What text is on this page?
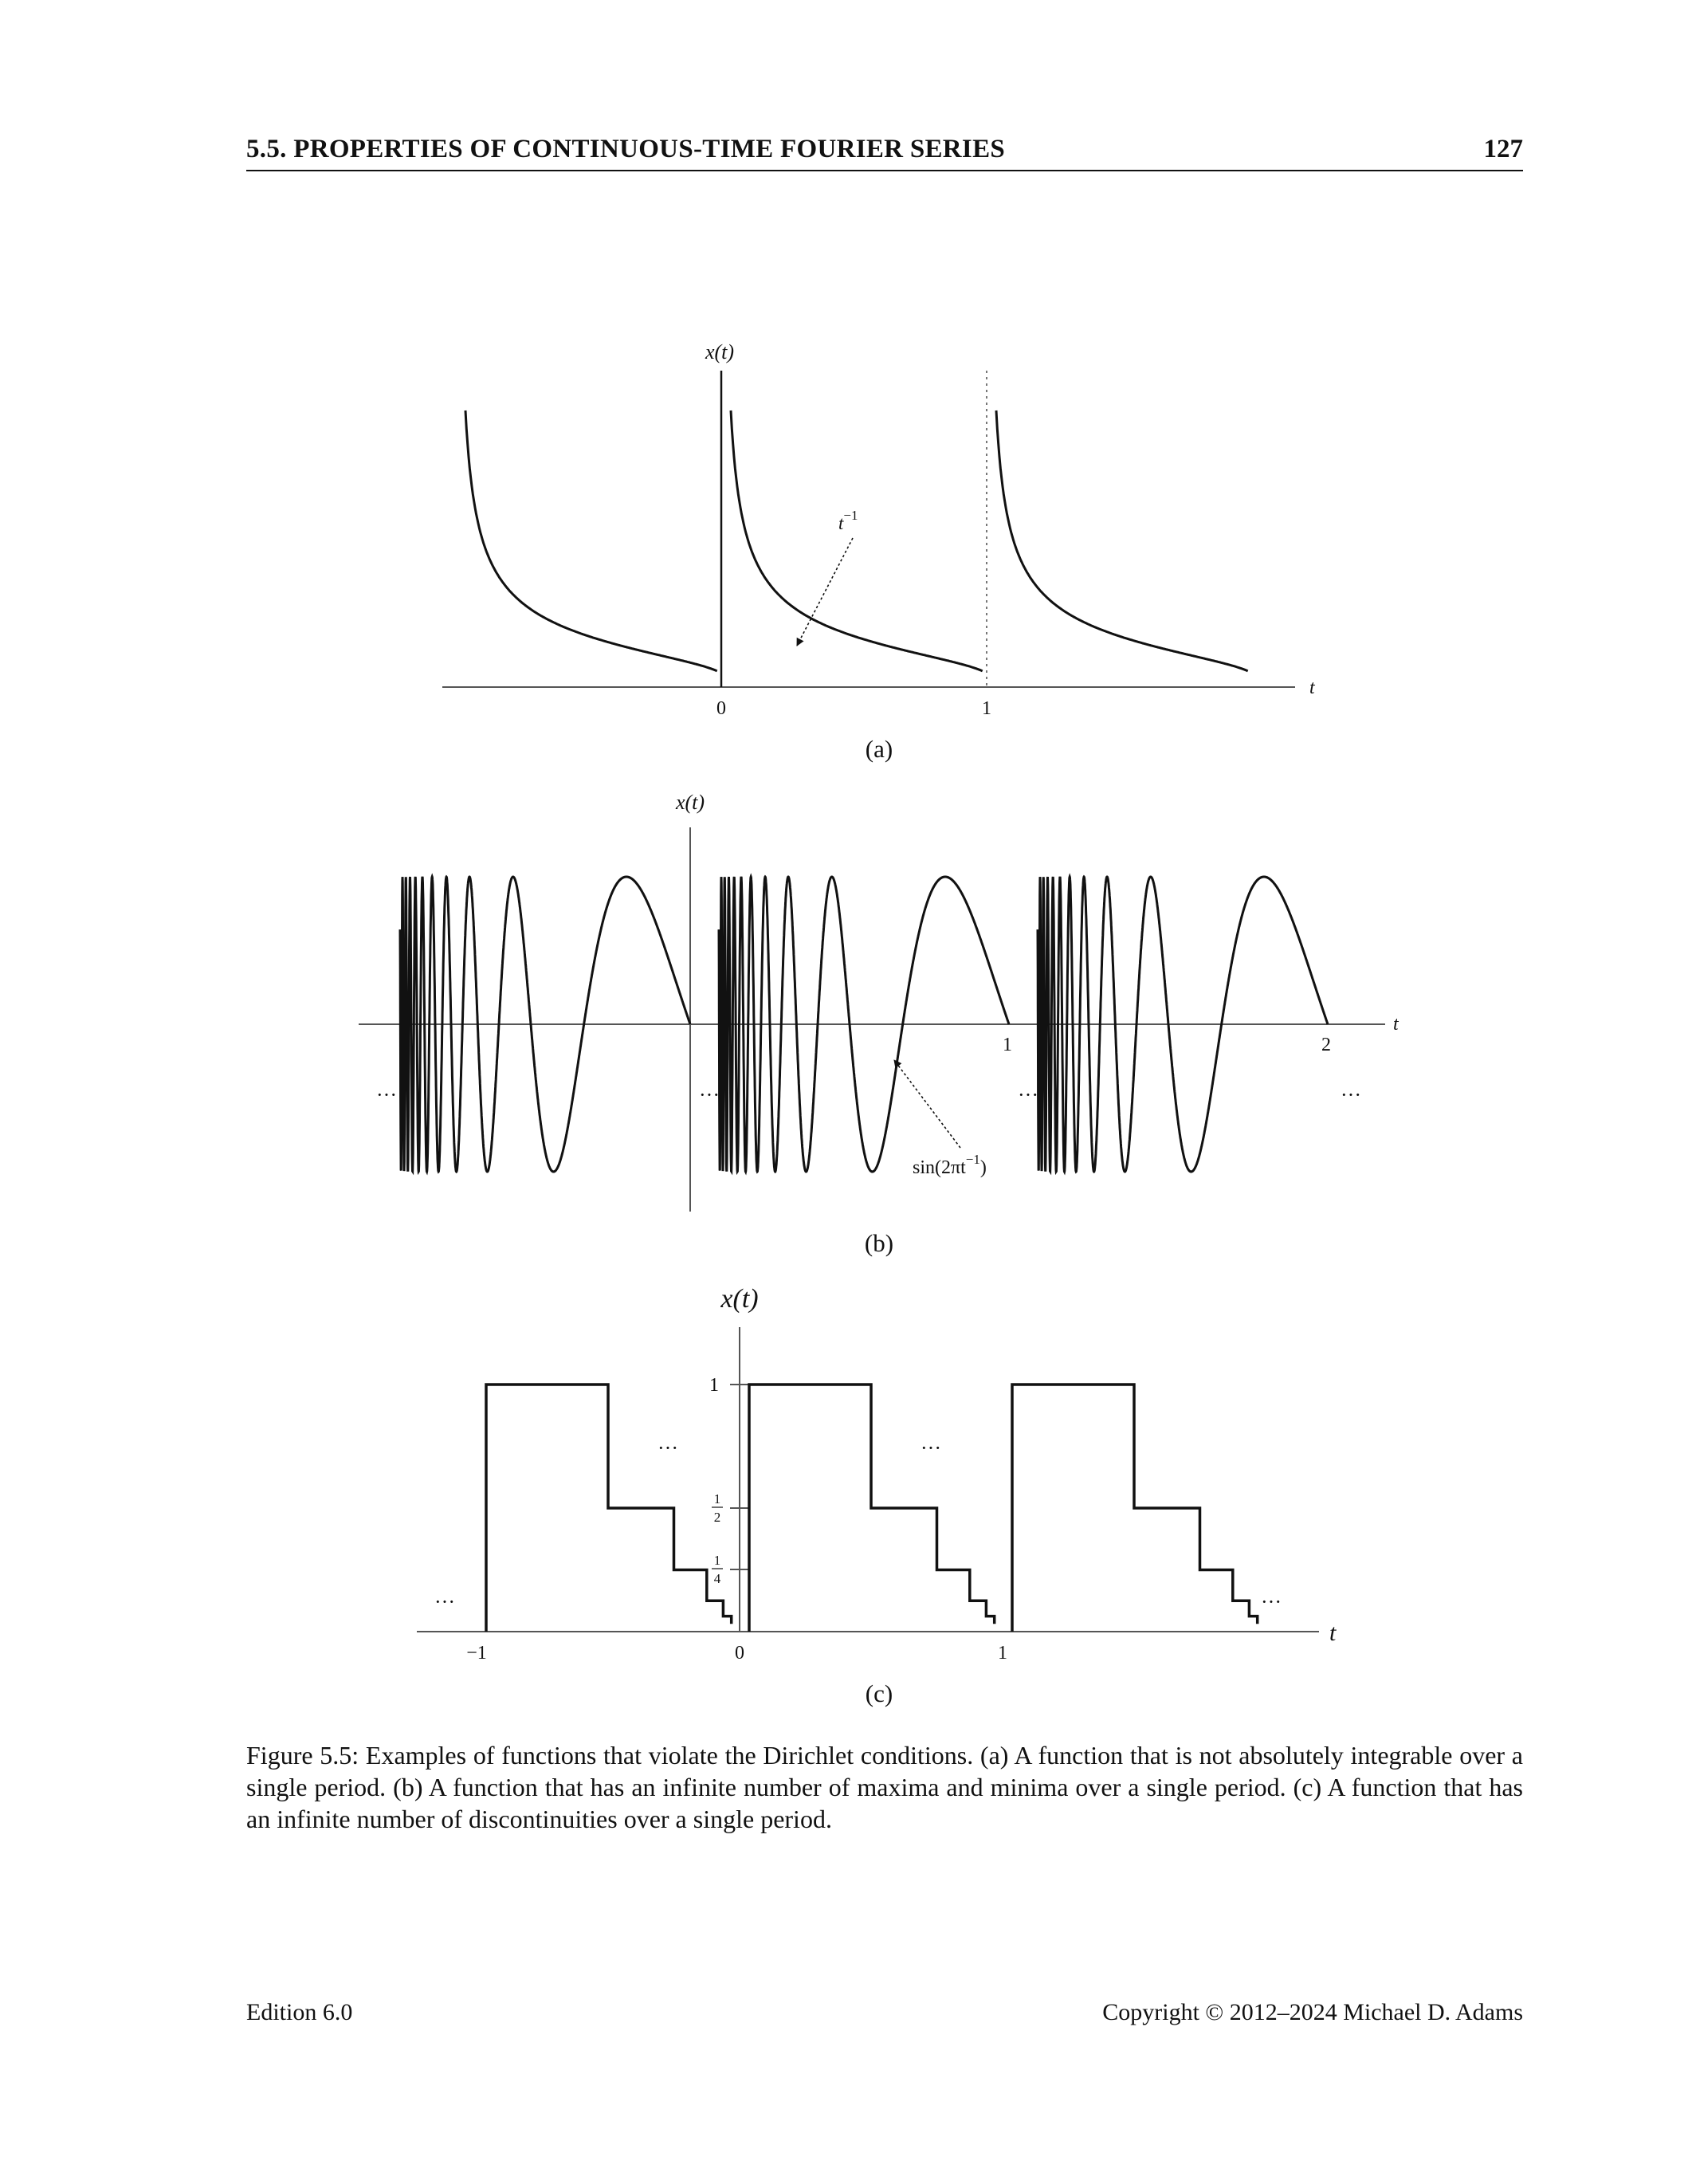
5.5. PROPERTIES OF CONTINUOUS-TIME FOURIER SERIES	127
$t^{-1}$
x(t)
t
0	1
(a)
$\sin(2\pi t^{-1})$
x(t)
t
1	2
···	···	···	···
(b)
x(t)
t
1
1
2
1
4
−1	0	1
···
···	···
···
(c)
Figure 5.5: Examples of functions that violate the Dirichlet conditions. (a) A function that is not absolutely integrable over a single period. (b) A function that has an infinite number of maxima and minima over a single period. (c) A function that has an infinite number of discontinuities over a single period.
Edition 6.0	Copyright © 2012–2024 Michael D. Adams
